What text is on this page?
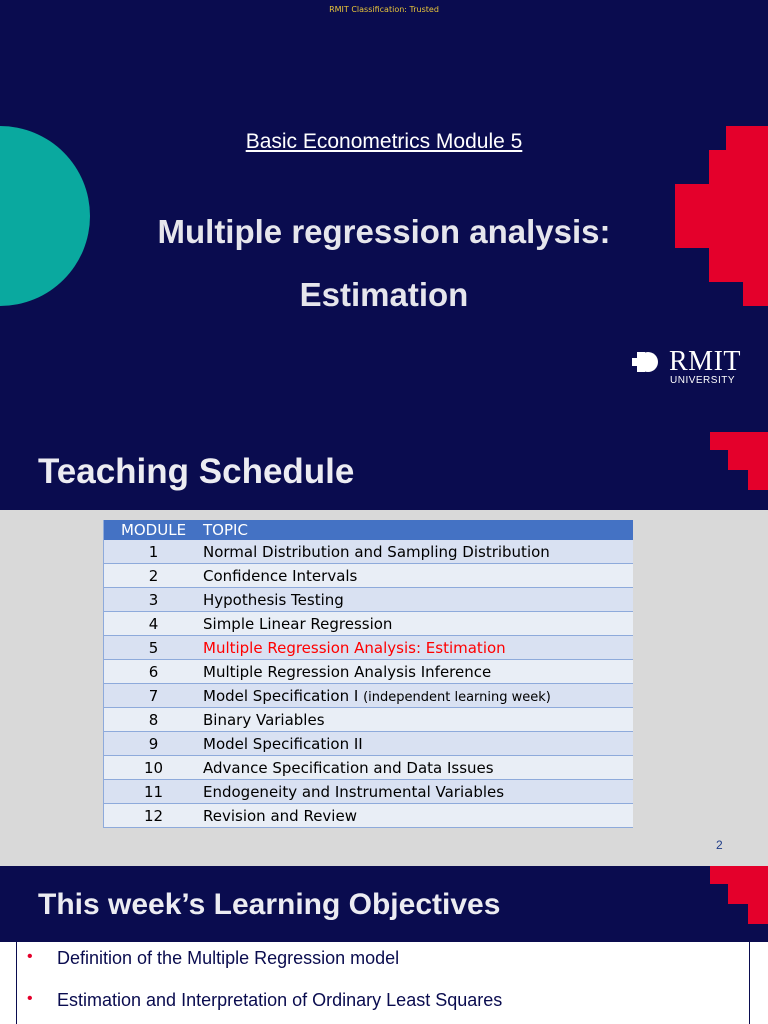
RMIT Classification: Trusted
Basic Econometrics Module 5
Multiple regression analysis:
Estimation
RMIT
UNIVERSITY
Teaching Schedule
MODULE	TOPIC
1	Normal Distribution and Sampling Distribution
2	Confidence Intervals
3	Hypothesis Testing
4	Simple Linear Regression
5	Multiple Regression Analysis: Estimation
6	Multiple Regression Analysis Inference
7	Model Specification I (independent learning week)
8	Binary Variables
9	Model Specification II
10	Advance Specification and Data Issues
11	Endogeneity and Instrumental Variables
12	Revision and Review
2
This week’s Learning Objectives
• Definition of the Multiple Regression model
• Estimation and Interpretation of Ordinary Least Squares
